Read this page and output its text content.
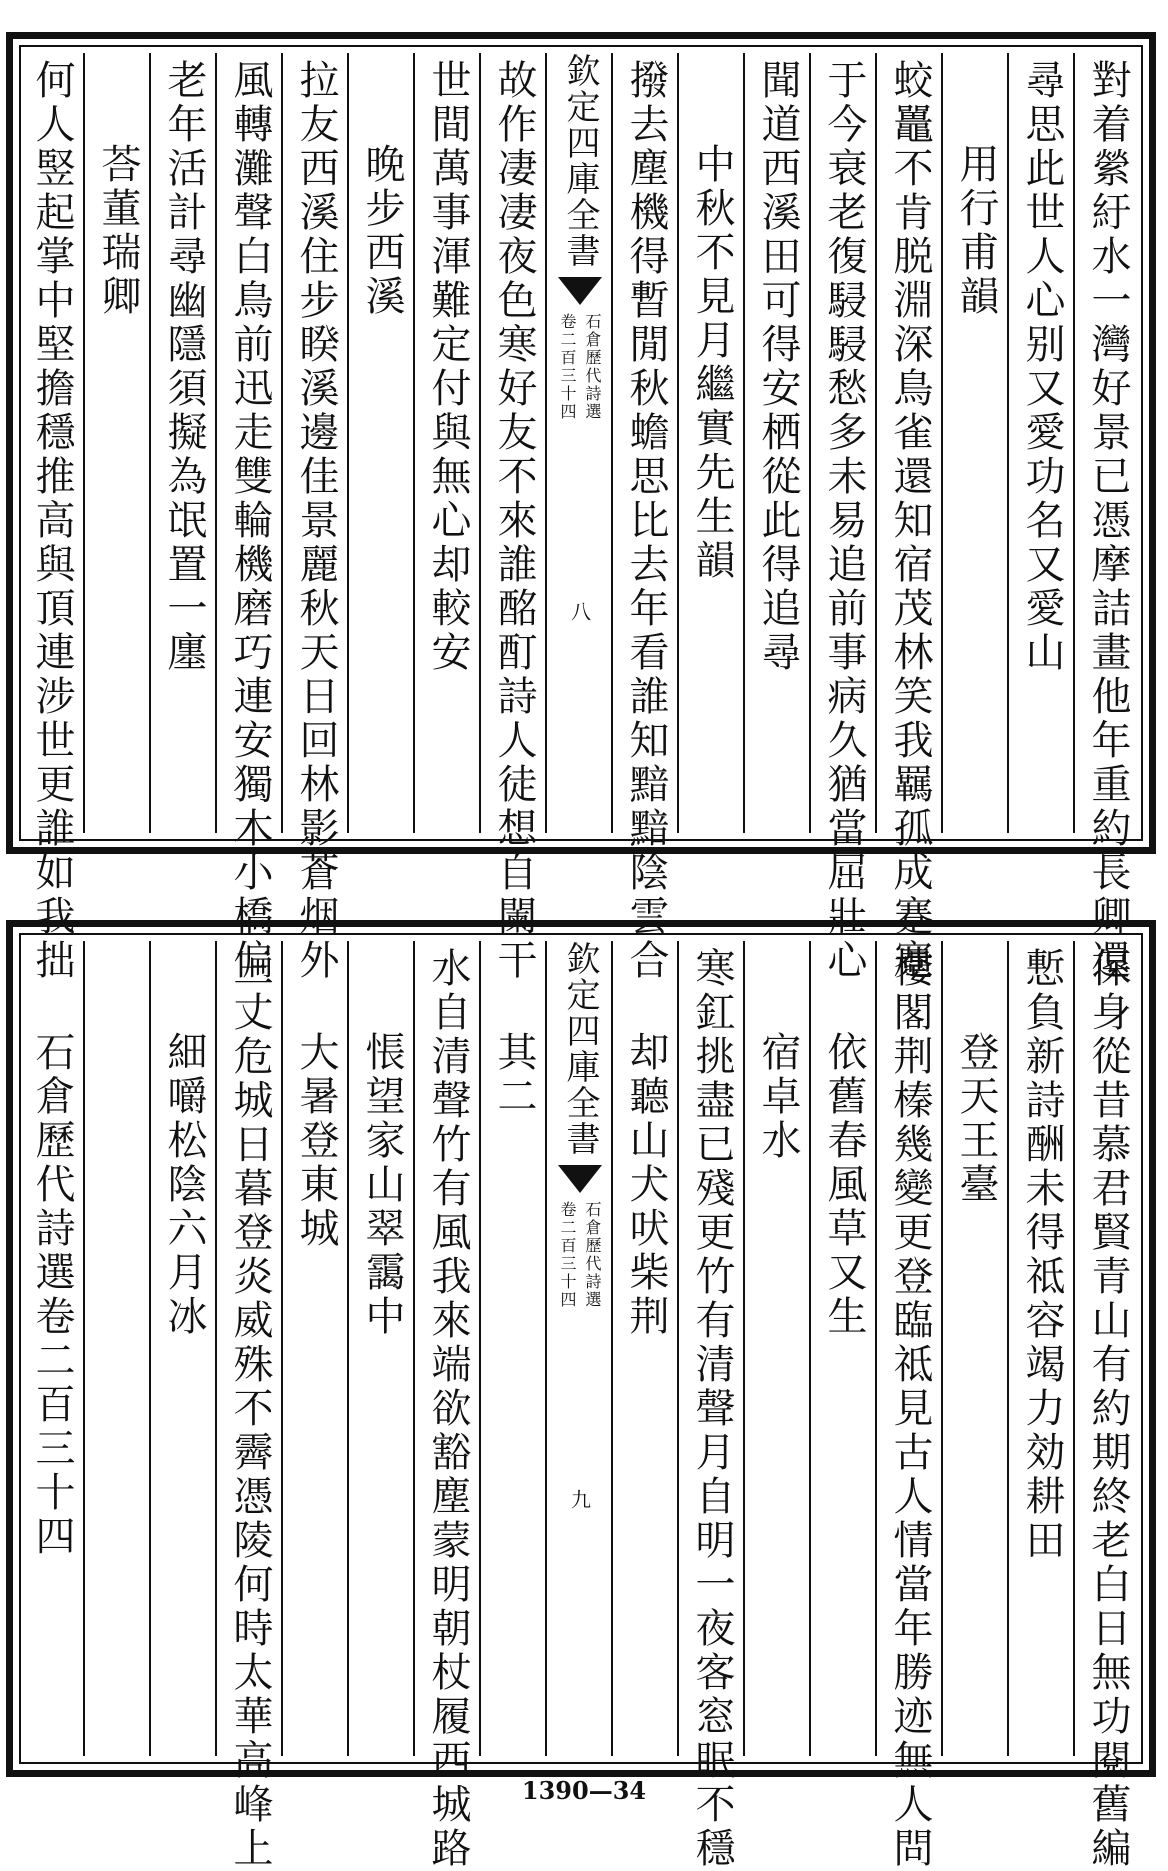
對着縈紆水一灣好景已憑摩詰畫他年重約長卿還
尋思此世人心别又愛功名又愛山
用行甫韻
蛟鼉不肯脱淵深鳥雀還知宿茂林笑我羈孤成蹇蹇
于今衰老復駸駸愁多未易追前事病久猶當屈壯心
聞道西溪田可得安栖從此得追尋
中秋不見月繼實先生韻
撥去塵機得暫閒秋蟾思比去年看誰知黯黯陰雲合
欽定四庫全書
石倉歷代詩選
卷二百三十四
八
故作凄凄夜色寒好友不來誰酩酊詩人徒想自闌干
世間萬事渾難定付與無心却較安
晚步西溪
拉友西溪住步睽溪邊佳景麗秋天日回林影蒼烟外
風轉灘聲白鳥前迅走雙輪機磨巧連安獨木小橋偏
老年活計尋幽隱須擬為氓置一廛
荅董瑞卿
何人竪起掌中堅擔穩推高與頂連涉世更誰如我拙
保身從昔慕君賢青山有約期終老白日無功閱舊編
慙負新詩酬未得祗容竭力効耕田
登天王臺
樓閣荆榛幾變更登臨祗見古人情當年勝迹無人問
依舊春風草又生
宿卓水
寒釭挑盡已殘更竹有清聲月自明一夜客窓眠不穩
却聽山犬吠柴荆
欽定四庫全書
石倉歷代詩選
卷二百三十四
九
其二
水自清聲竹有風我來端欲豁塵蒙明朝杖履西城路
悵望家山翠靄中
大暑登東城
三丈危城日暮登炎威殊不霽憑陵何時太華高峰上
細嚼松陰六月冰
石倉歷代詩選卷二百三十四
1390—34
